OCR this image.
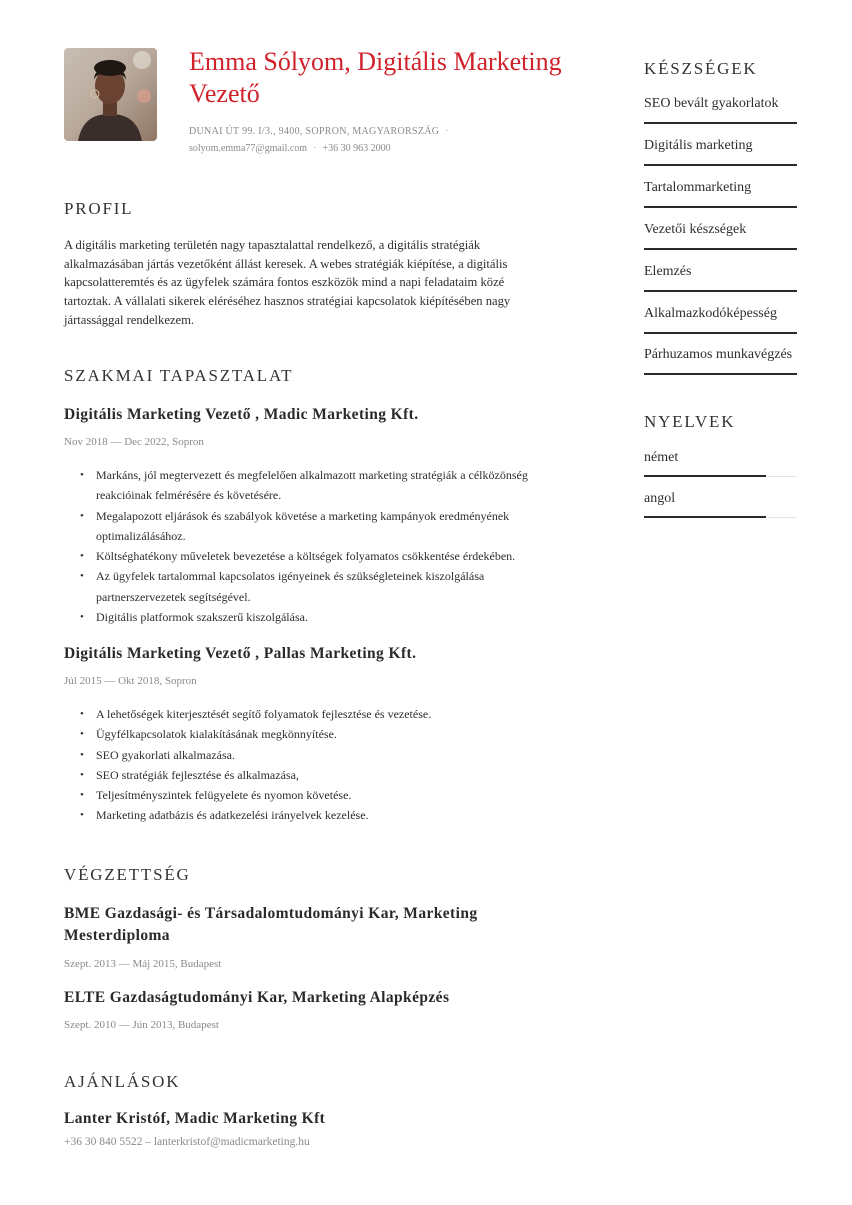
Emma Sólyom, Digitális Marketing Vezető
DUNAI ÚT 99. I/3., 9400, SOPRON, MAGYARORSZÁG ·
solyom.emma77@gmail.com · +36 30 963 2000
PROFIL

A digitális marketing területén nagy tapasztalattal rendelkező, a digitális stratégiák alkalmazásában jártás vezetőként állást keresek. A webes stratégiák kiépítése, a digitális kapcsolatteremtés és az ügyfelek számára fontos eszközök mind a napi feladataim közé tartoztak. A vállalati sikerek eléréséhez hasznos stratégiai kapcsolatok kiépítésében nagy jártassággal rendelkezem.

SZAKMAI TAPASZTALAT
Digitális Marketing Vezető , Madic Marketing Kft.
Nov 2018 — Dec 2022, Sopron
• Markáns, jól megtervezett és megfelelően alkalmazott marketing stratégiák a célközönség reakcióinak felmérésére és követésére.
• Megalapozott eljárások és szabályok követése a marketing kampányok eredményének optimalizálásához.
• Költséghatékony műveletek bevezetése a költségek folyamatos csökkentése érdekében.
• Az ügyfelek tartalommal kapcsolatos igényeinek és szükségleteinek kiszolgálása partnerszervezetek segítségével.
• Digitális platformok szakszerű kiszolgálása.
Digitális Marketing Vezető , Pallas Marketing Kft.
Júl 2015 — Okt 2018, Sopron
• A lehetőségek kiterjesztését segítő folyamatok fejlesztése és vezetése.
• Ügyfélkapcsolatok kialakításának megkönnyítése.
• SEO gyakorlati alkalmazása.
• SEO stratégiák fejlesztése és alkalmazása,
• Teljesítményszintek felügyelete és nyomon követése.
• Marketing adatbázis és adatkezelési irányelvek kezelése.
VÉGZETTSÉG
BME Gazdasági- és Társadalomtudományi Kar, Marketing Mesterdiploma
Szept. 2013 — Máj 2015, Budapest
ELTE Gazdaságtudományi Kar, Marketing Alapképzés
Szept. 2010 — Jún 2013, Budapest
AJÁNLÁSOK
Lanter Kristóf, Madic Marketing Kft
+36 30 840 5522 – lanterkristof@madicmarketing.hu
KÉSZSÉGEK
SEO bevált gyakorlatok
Digitális marketing
Tartalommarketing
Vezetői készségek
Elemzés
Alkalmazkodóképesség
Párhuzamos munkavégzés
NYELVEK
német
angol
